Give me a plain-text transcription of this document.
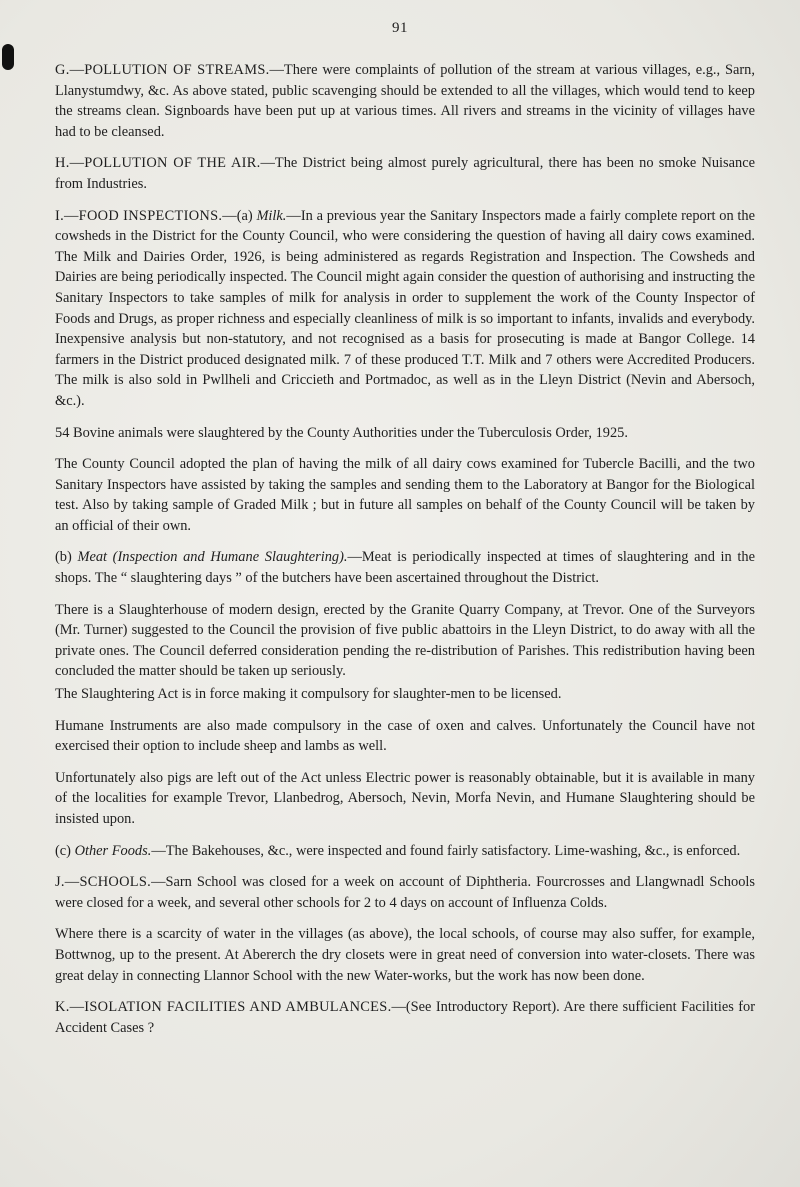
91

G.—POLLUTION OF STREAMS.—There were complaints of pollution of the stream at various villages, e.g., Sarn, Llanystumdwy, &c. As above stated, public scavenging should be extended to all the villages, which would tend to keep the streams clean. Signboards have been put up at various times. All rivers and streams in the vicinity of villages have had to be cleansed.

H.—POLLUTION OF THE AIR.—The District being almost purely agricultural, there has been no smoke Nuisance from Industries.

I.—FOOD INSPECTIONS.—(a) Milk.—In a previous year the Sanitary Inspectors made a fairly complete report on the cowsheds in the District for the County Council, who were considering the question of having all dairy cows examined. The Milk and Dairies Order, 1926, is being administered as regards Registration and Inspection. The Cowsheds and Dairies are being periodically inspected. The Council might again consider the question of authorising and instructing the Sanitary Inspectors to take samples of milk for analysis in order to supplement the work of the County Inspector of Foods and Drugs, as proper richness and especially cleanliness of milk is so important to infants, invalids and everybody. Inexpensive analysis but non-statutory, and not recognised as a basis for prosecuting is made at Bangor College. 14 farmers in the District produced designated milk. 7 of these produced T.T. Milk and 7 others were Accredited Producers. The milk is also sold in Pwllheli and Criccieth and Portmadoc, as well as in the Lleyn District (Nevin and Abersoch, &c.).

54 Bovine animals were slaughtered by the County Authorities under the Tuberculosis Order, 1925.

The County Council adopted the plan of having the milk of all dairy cows examined for Tubercle Bacilli, and the two Sanitary Inspectors have assisted by taking the samples and sending them to the Laboratory at Bangor for the Biological test. Also by taking sample of Graded Milk ; but in future all samples on behalf of the County Council will be taken by an official of their own.

(b) Meat (Inspection and Humane Slaughtering).—Meat is periodically inspected at times of slaughtering and in the shops. The “ slaughtering days ” of the butchers have been ascertained throughout the District.

There is a Slaughterhouse of modern design, erected by the Granite Quarry Company, at Trevor. One of the Surveyors (Mr. Turner) suggested to the Council the provision of five public abattoirs in the Lleyn District, to do away with all the private ones. The Council deferred consideration pending the re-distribution of Parishes. This redistribution having been concluded the matter should be taken up seriously.

The Slaughtering Act is in force making it compulsory for slaughter-men to be licensed.

Humane Instruments are also made compulsory in the case of oxen and calves. Unfortunately the Council have not exercised their option to include sheep and lambs as well.

Unfortunately also pigs are left out of the Act unless Electric power is reasonably obtainable, but it is available in many of the localities for example Trevor, Llanbedrog, Abersoch, Nevin, Morfa Nevin, and Humane Slaughtering should be insisted upon.

(c) Other Foods.—The Bakehouses, &c., were inspected and found fairly satisfactory. Lime-washing, &c., is enforced.

J.—SCHOOLS.—Sarn School was closed for a week on account of Diphtheria. Fourcrosses and Llangwnadl Schools were closed for a week, and several other schools for 2 to 4 days on account of Influenza Colds.

Where there is a scarcity of water in the villages (as above), the local schools, of course may also suffer, for example, Bottwnog, up to the present. At Abererch the dry closets were in great need of conversion into water-closets. There was great delay in connecting Llannor School with the new Water-works, but the work has now been done.

K.—ISOLATION FACILITIES AND AMBULANCES.—(See Introductory Report). Are there sufficient Facilities for Accident Cases ?
